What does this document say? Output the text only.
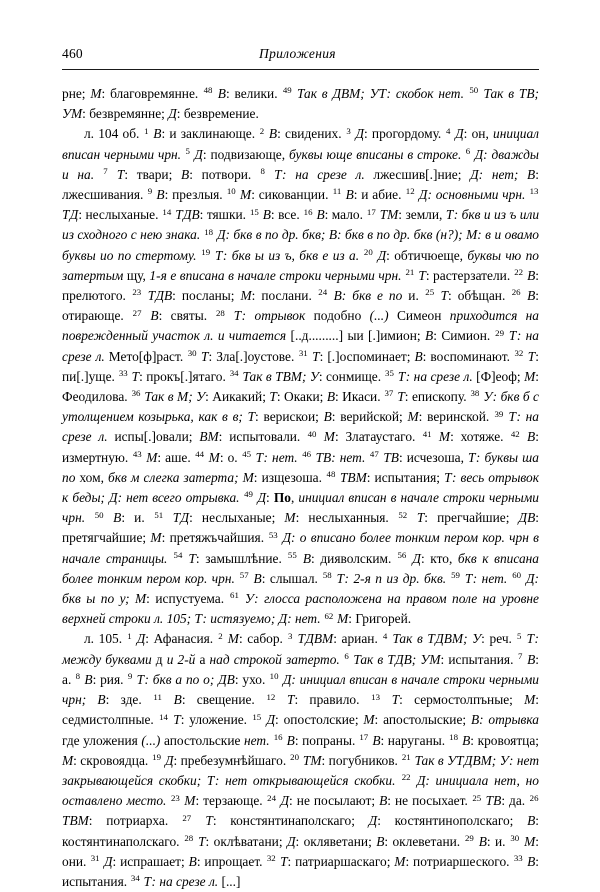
460	Приложения

рне; М: благовремянне. $^{48}$ В: велики. $^{49}$ Так в ДВМ; УТ: скобок нет. $^{50}$ Так в ТВ; УМ: безвремянне; Д: безвремение.

л. 104 об. $^1$ В: и заклинающе. $^2$ В: свидених. $^3$ Д: прогордому. $^4$ Д: он, инициал вписан черными чрн. $^5$ Д: подвизающе, буквы юще вписаны в строке. $^6$ Д: дважды и на. $^7$ Т: твари; В: потвори. $^8$ Т: на срезе л. лжесшив[.]ние; Д: нет; В: лжесшивания. $^9$ В: презлыя. $^{10}$ М: сикованции. $^{11}$ В: и абие. $^{12}$ Д: основными чрн. $^{13}$ ТД: неслыханые. $^{14}$ ТДВ: тяшки. $^{15}$ В: все. $^{16}$ В: мало. $^{17}$ ТМ: земли, Т: бкв и из ъ или из сходного с нею знака. $^{18}$ Д: бкв в по др. бкв; В: бкв в по др. бкв (н?); М: в и овамо буквы ио по стертому. $^{19}$ Т: бкв ы из ъ, бкв е из а. $^{20}$ Д: обтичюеще, буквы чю по затертым щу, 1-я е вписана в начале строки черными чрн. $^{21}$ Т: растерзатели. $^{22}$ В: прелютого. $^{23}$ ТДВ: посланы; М: послани. $^{24}$ В: бкв е по и. $^{25}$ Т: обѣщан. $^{26}$ В: отирающе. $^{27}$ В: святы. $^{28}$ Т: отрывок подобно (...) Симеон приходится на поврежденный участок л. и читается [..д.........] ыи [.]имион; В: Симион. $^{29}$ Т: на срезе л. Мето[ф]раст. $^{30}$ Т: Зла[.]оустове. $^{31}$ Т: [.]оспоминает; В: воспоминают. $^{32}$ Т: пи[.]уще. $^{33}$ Т: прокъ[.]ятаго. $^{34}$ Так в ТВМ; У: сонмище. $^{35}$ Т: на срезе л. [Ф]еоф; М: Феодилова. $^{36}$ Так в М; У: Аикакий; Т: Окаки; В: Икаси. $^{37}$ Т: епископу. $^{38}$ У: бкв б с утолщением козырька, как в в; Т: верискои; В: верийской; М: веринской. $^{39}$ Т: на срезе л. испы[.]овали; ВМ: испытовали. $^{40}$ М: Златаустаго. $^{41}$ М: хотяже. $^{42}$ В: измертную. $^{43}$ М: аше. $^{44}$ М: о. $^{45}$ Т: нет. $^{46}$ ТВ: нет. $^{47}$ ТВ: исчезоша, Т: буквы ша по хом, бкв м слегка затерта; М: изщезоша. $^{48}$ ТВМ: испытания; Т: весь отрывок к беды; Д: нет всего отрывка. $^{49}$ Д: По, инициал вписан в начале строки черными чрн. $^{50}$ В: и. $^{51}$ ТД: неслыханые; М: неслыханныя. $^{52}$ Т: прегчайшие; ДВ: претягчайшие; М: претяжъчайшия. $^{53}$ Д: о вписано более тонким пером кор. чрн в начале страницы. $^{54}$ Т: замышлѣние. $^{55}$ В: дияволским. $^{56}$ Д: кто, бкв к вписана более тонким пером кор. чрн. $^{57}$ В: слышал. $^{58}$ Т: 2-я п из др. бкв. $^{59}$ Т: нет. $^{60}$ Д: бкв ы по у; М: испустуема. $^{61}$ У: глосса расположена на правом поле на уровне верхней строки л. 105; Т: истязуемо; Д: нет. $^{62}$ М: Григорей.

л. 105. $^1$ Д: Афанасия. $^2$ М: сабор. $^3$ ТДВМ: ариан. $^4$ Так в ТДВМ; У: реч. $^5$ Т: между буквами д и 2-й а над строкой затерто. $^6$ Так в ТДВ; УМ: испытания. $^7$ В: а. $^8$ В: рия. $^9$ Т: бкв а по о; ДВ: ухо. $^{10}$ Д: инициал вписан в начале строки черными чрн; В: зде. $^{11}$ В: свещение. $^{12}$ Т: правило. $^{13}$ Т: сермостолпъные; М: седмистолпные. $^{14}$ Т: уложение. $^{15}$ Д: опостолские; М: апостолыские; В: отрывка где уложения (...) апостольские нет. $^{16}$ В: попраны. $^{17}$ В: наруганы. $^{18}$ В: кровоятца; М: скровоядца. $^{19}$ Д: пребезумнѣйшаго. $^{20}$ ТМ: погубников. $^{21}$ Так в УТДВМ; У: нет закрывающейся скобки; Т: нет открывающейся скобки. $^{22}$ Д: инициала нет, но оставлено место. $^{23}$ М: терзающе. $^{24}$ Д: не посылают; В: не посыхает. $^{25}$ ТВ: да. $^{26}$ ТВМ: потриарха. $^{27}$ Т: констянтинаполскаго; Д: костянтинополскаго; В: костянтинаполскаго. $^{28}$ Т: оклѣватани; Д: окляветани; В: оклеветани. $^{29}$ В: и. $^{30}$ М: они. $^{31}$ Д: испрашает; В: ипрощает. $^{32}$ Т: патриаршаскаго; М: потриаршеского. $^{33}$ В: испытания. $^{34}$ Т: на срезе л. [...]
